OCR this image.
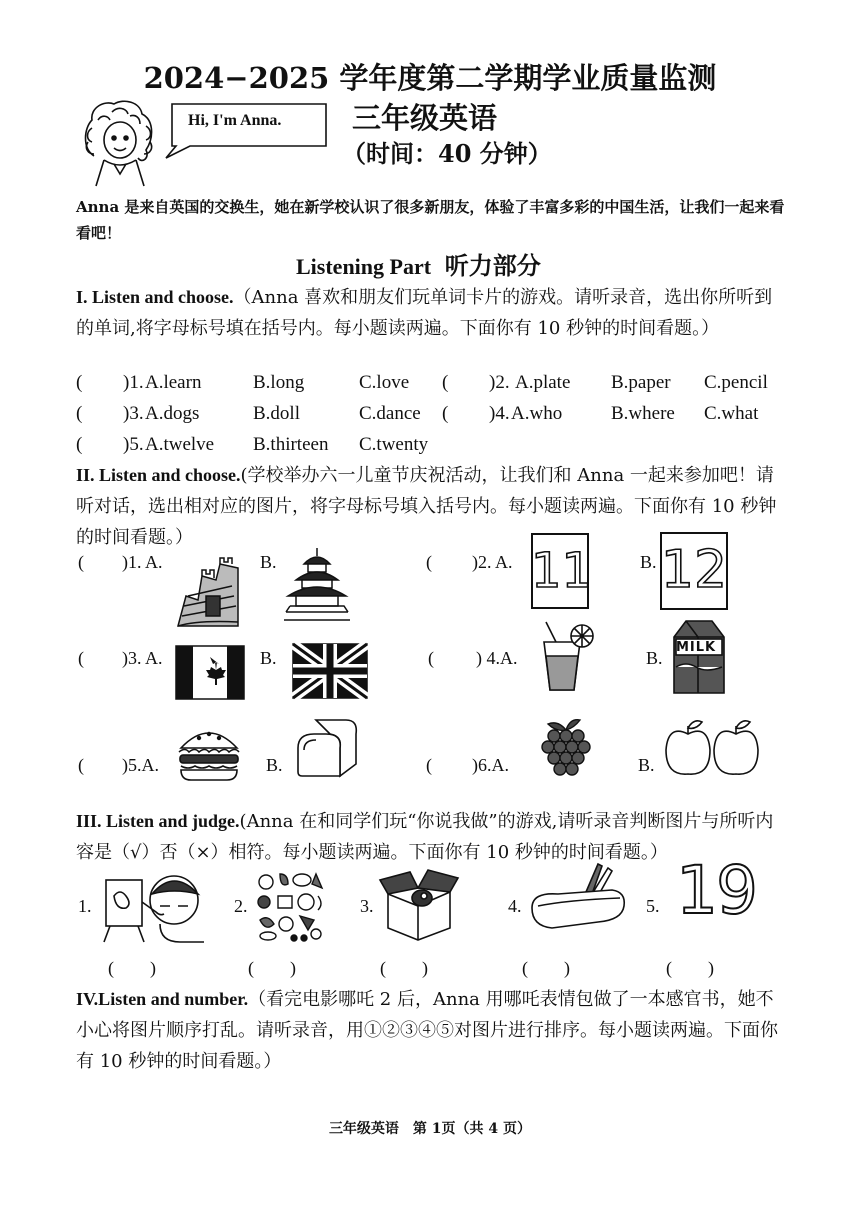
2024−2025 学年度第二学期学业质量监测
三年级英语
（时间：40 分钟）
Hi, I'm Anna.
Anna 是来自英国的交换生，她在新学校认识了很多新朋友，体验了丰富多彩的中国生活，让我们一起来看看吧！
Listening Part 听力部分
I. Listen and choose.（Anna 喜欢和朋友们玩单词卡片的游戏。请听录音，选出你所听到的单词,将字母标号填在括号内。每小题读两遍。下面你有 10 秒钟的时间看题。）
( )1. A.learn	B.long	C.love ( )2. A.plate B.paper C.pencil
( )3. A.dogs	B.doll	C.dance ( )4. A.who	B.where C.what
( )5. A.twelve B.thirteen C.twenty
II. Listen and choose.(学校举办六一儿童节庆祝活动，让我们和 Anna 一起来参加吧！请听对话，选出相对应的图片，将字母标号填入括号内。每小题读两遍。下面你有 10 秒钟的时间看题。）
( )1. A.	B.	( )2. A. 11	B. 12
( )3. A.	B.	( ) 4.A.	B.
MILK
( )5.A.	B.	( )6.A.	B.
III. Listen and judge.(Anna 在和同学们玩“你说我做”的游戏,请听录音判断图片与所听内容是（√）否（×）相符。每小题读两遍。下面你有 10 秒钟的时间看题。）
1.	2.	3.	4.	5. 19
(　　)	(　　)	(　　)	(　　)	(　　)
IV.Listen and number.（看完电影哪吒 2 后，Anna 用哪吒表情包做了一本感官书，她不小心将图片顺序打乱。请听录音，用①②③④⑤对图片进行排序。每小题读两遍。下面你有 10 秒钟的时间看题。）
三年级英语　第 1页（共 4 页）
